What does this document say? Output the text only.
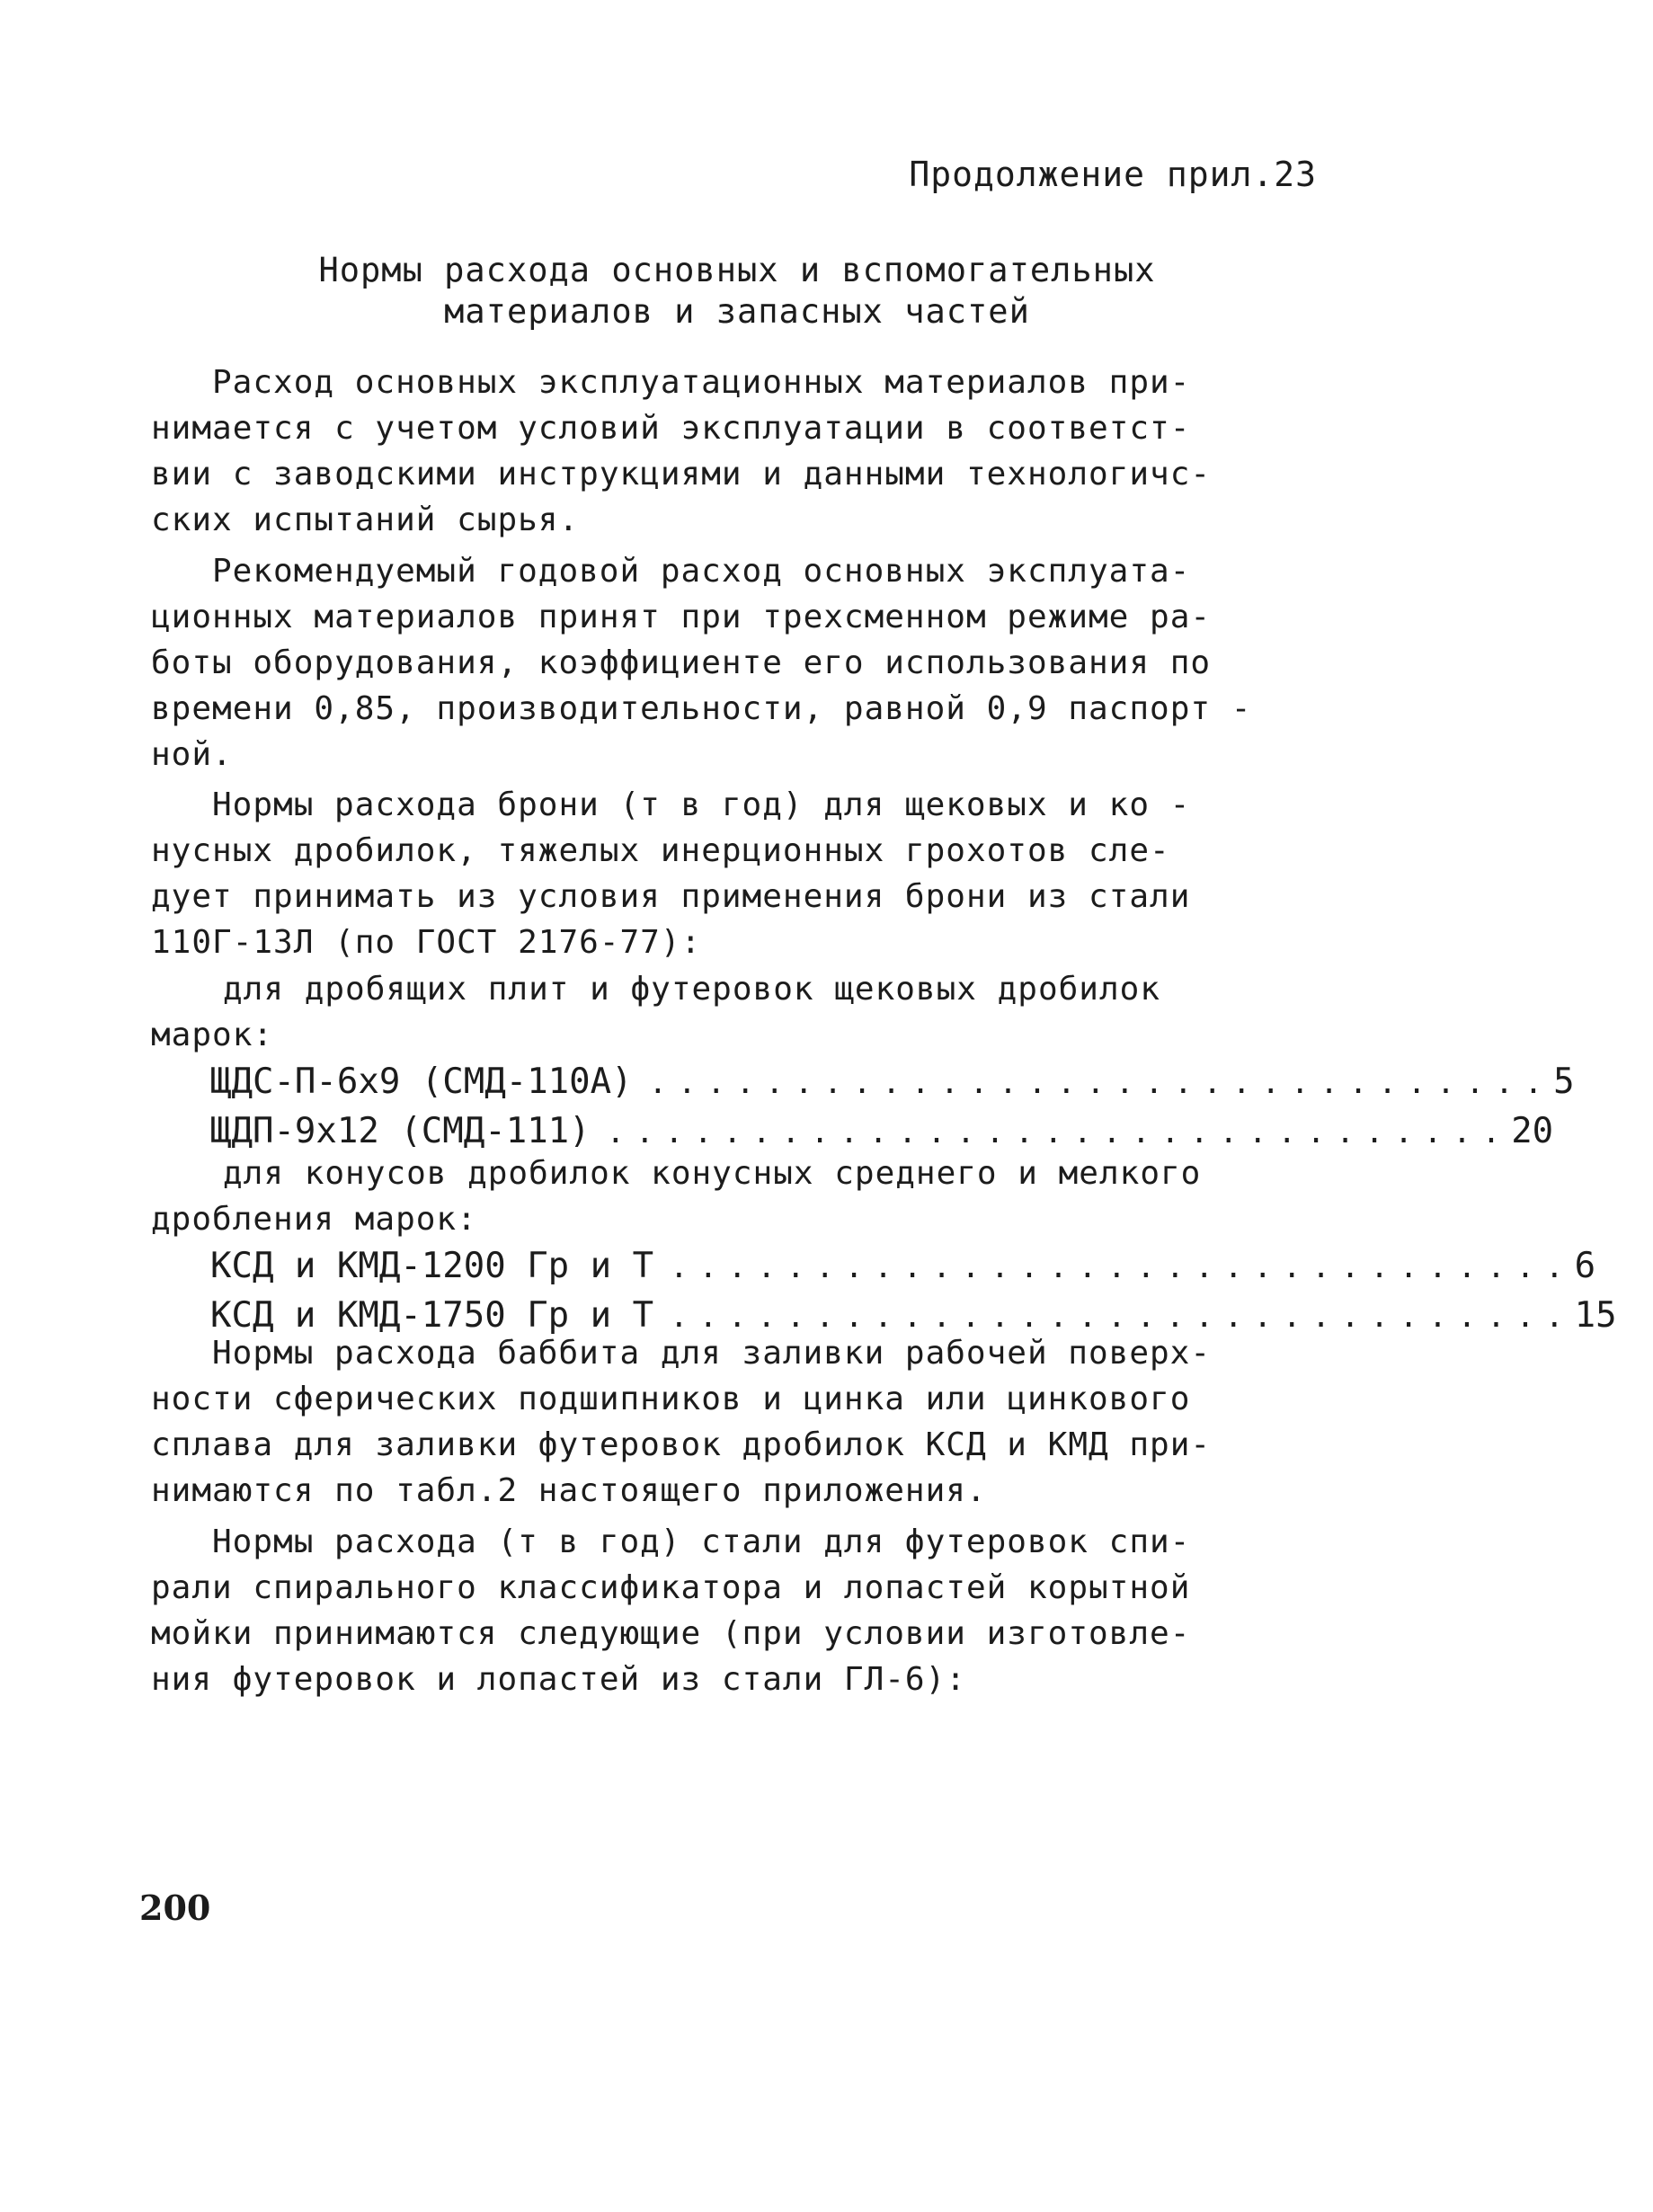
Продолжение прил.23
Нормы расхода основных и вспомогательных
материалов и запасных частей
Расход основных эксплуатационных материалов при-
нимается с учетом условий эксплуатации в соответст-
вии с заводскими инструкциями и данными технологичс-
ских испытаний сырья.
Рекомендуемый годовой расход основных эксплуата-
ционных материалов принят при трехсменном режиме ра-
боты оборудования, коэффициенте его использования по
времени 0,85, производительности, равной 0,9 паспорт -
ной.
Нормы расхода брони (т в год) для щековых и ко -
нусных дробилок, тяжелых инерционных грохотов сле-
дует принимать из условия применения брони из стали
110Г-13Л (по ГОСТ 2176-77):
для дробящих плит и футеровок щековых дробилок
марок:
ЩДС-П-6х9 (СМД-110А) ............................... 5
ЩДП-9х12 (СМД-111) ............................... 20
для конусов дробилок конусных среднего и мелкого
дробления марок:
КСД и КМД-1200 Гр и Т ............................... 6
КСД и КМД-1750 Гр и Т ............................... 15
Нормы расхода баббита для заливки рабочей поверх-
ности сферических подшипников и цинка или цинкового
сплава для заливки футеровок дробилок КСД и КМД при-
нимаются по табл.2 настоящего приложения.
Нормы расхода (т в год) стали для футеровок спи-
рали спирального классификатора и лопастей корытной
мойки принимаются следующие (при условии изготовле-
ния футеровок и лопастей из стали ГЛ-6):
200
